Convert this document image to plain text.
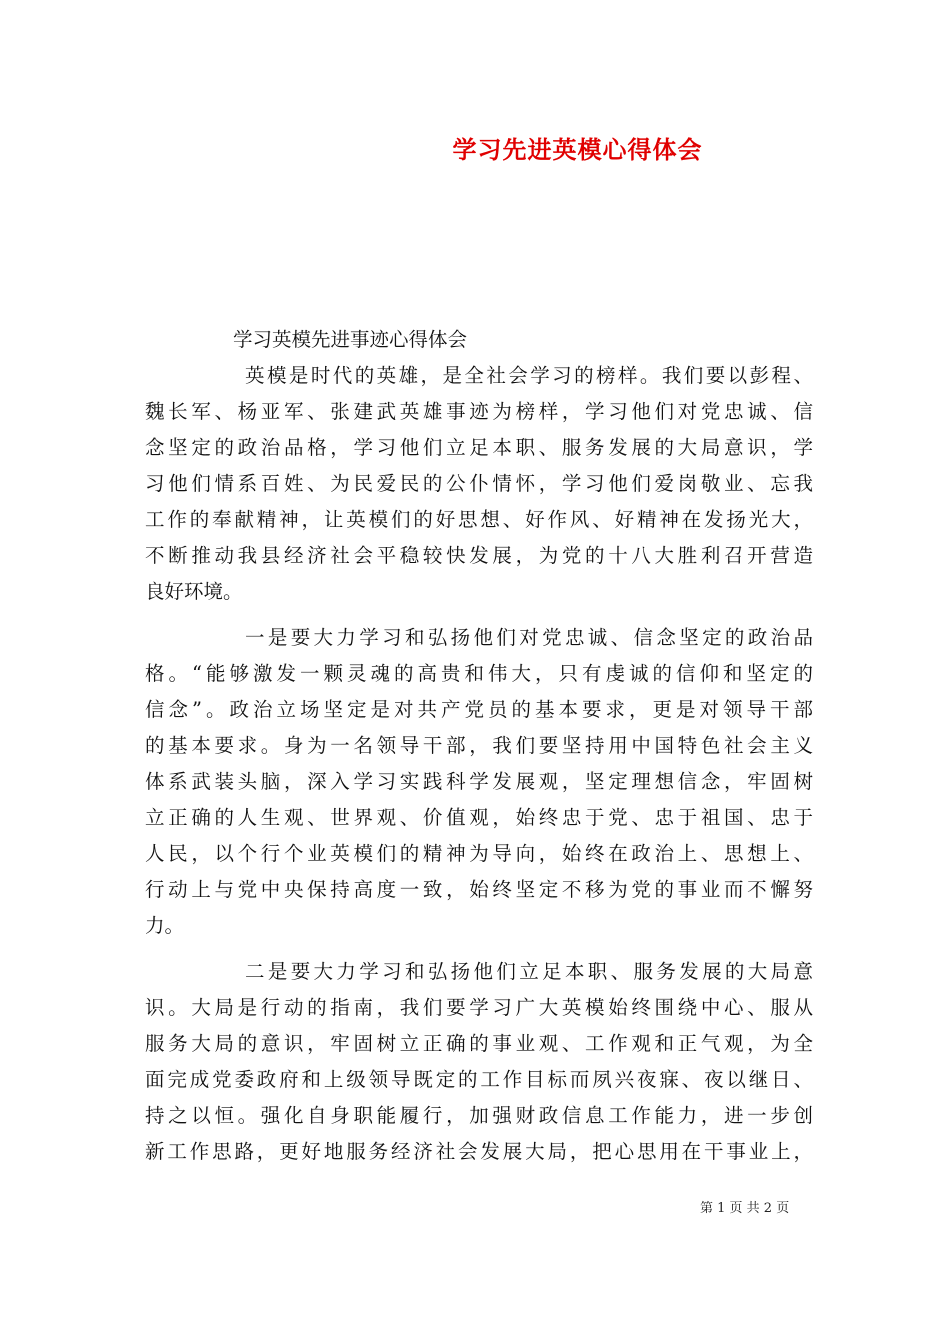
学习先进英模心得体会
学习英模先进事迹心得体会
英模是时代的英雄，是全社会学习的榜样。我们要以彭程、
魏长军、杨亚军、张建武英雄事迹为榜样，学习他们对党忠诚、信
念坚定的政治品格，学习他们立足本职、服务发展的大局意识，学
习他们情系百姓、为民爱民的公仆情怀，学习他们爱岗敬业、忘我
工作的奉献精神，让英模们的好思想、好作风、好精神在发扬光大，
不断推动我县经济社会平稳较快发展，为党的十八大胜利召开营造
良好环境。
一是要大力学习和弘扬他们对党忠诚、信念坚定的政治品
格。“能够激发一颗灵魂的高贵和伟大，只有虔诚的信仰和坚定的
信念”。政治立场坚定是对共产党员的基本要求，更是对领导干部
的基本要求。身为一名领导干部，我们要坚持用中国特色社会主义
体系武装头脑，深入学习实践科学发展观，坚定理想信念，牢固树
立正确的人生观、世界观、价值观，始终忠于党、忠于祖国、忠于
人民，以个行个业英模们的精神为导向，始终在政治上、思想上、
行动上与党中央保持高度一致，始终坚定不移为党的事业而不懈努
力。
二是要大力学习和弘扬他们立足本职、服务发展的大局意
识。大局是行动的指南，我们要学习广大英模始终围绕中心、服从
服务大局的意识，牢固树立正确的事业观、工作观和正气观，为全
面完成党委政府和上级领导既定的工作目标而夙兴夜寐、夜以继日、
持之以恒。强化自身职能履行，加强财政信息工作能力，进一步创
新工作思路，更好地服务经济社会发展大局，把心思用在干事业上，
第 1 页 共 2 页
